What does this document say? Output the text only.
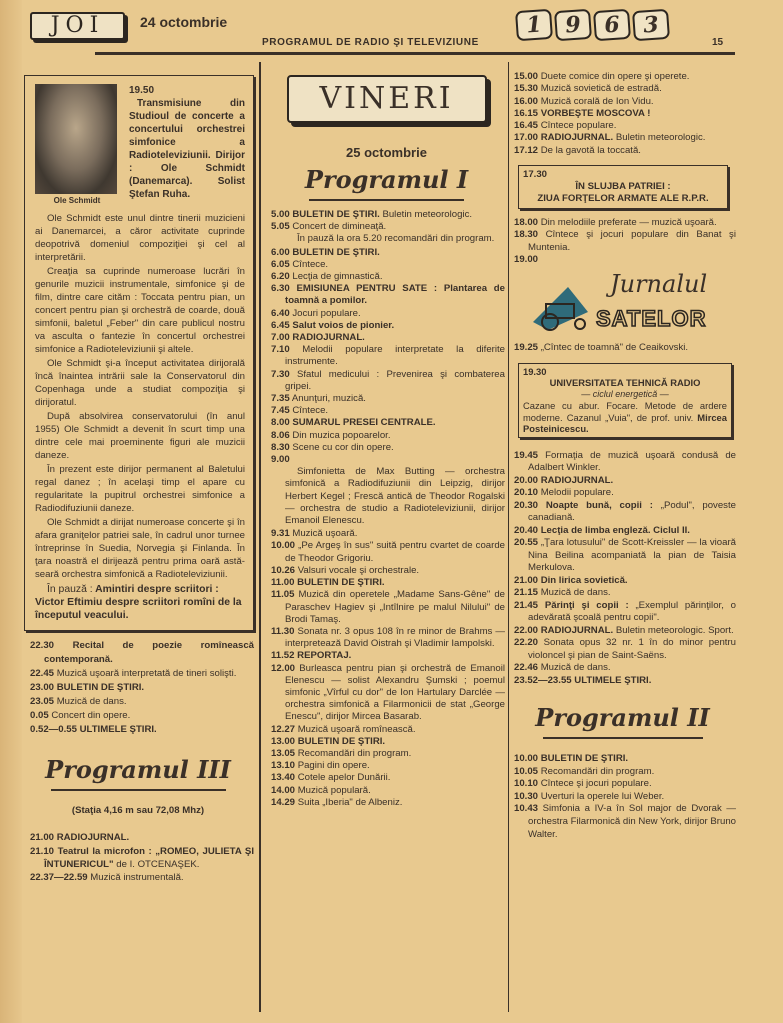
JOI	24 octombrie
PROGRAMUL DE RADIO ŞI TELEVIZIUNE
1 9 6 3
15
Ole Schmidt
19.50
Transmisiune din Studioul de concerte a concertului orchestrei simfonice a Radioteleviziunii. Dirijor : Ole Schmidt (Danemarca). Solist Ştefan Ruha.
Ole Schmidt este unul dintre tinerii muzicieni ai Danemarcei, a căror activitate cuprinde deopotrivă domeniul compoziţiei şi cel al interpretării.
Creaţia sa cuprinde numeroase lucrări în genurile muzicii instrumentale, simfonice şi de film, dintre care cităm : Toccata pentru pian, un concert pentru pian şi orchestră de coarde, două simfonii, baletul „Feber" din care publicul nostru va asculta o fantezie în concertul orchestrei simfonice a Radioteleviziunii şi altele.
Ole Schmidt şi-a început activitatea dirijorală încă înaintea intrării sale la Conservatorul din Copenhaga unde a studiat compoziţia şi dirijoratul.
După absolvirea conservatorului (în anul 1955) Ole Schmidt a devenit în scurt timp una dintre cele mai proeminente figuri ale muzicii daneze.
În prezent este dirijor permanent al Baletului regal danez ; în acelaşi timp el apare cu regularitate la pupitrul orchestrei simfonice a Radiodifuziunii daneze.
Ole Schmidt a dirijat numeroase concerte şi în afara graniţelor patriei sale, în cadrul unor turnee întreprinse în Suedia, Norvegia şi Finlanda. În ţara noastră el dirijează pentru prima oară astă-seară orchestra simfonică a Radioteleviziunii.
În pauză : Amintiri despre scriitori : Victor Eftimiu despre scriitori romîni de la începutul veacului.
22.30 Recital de poezie romînească contemporană.
22.45 Muzică uşoară interpretată de tineri solişti.
23.00 BULETIN DE ŞTIRI.
23.05 Muzică de dans.
0.05 Concert din opere.
0.52—0.55 ULTIMELE ŞTIRI.
Programul III
(Staţia 4,16 m sau 72,08 Mhz)
21.00 RADIOJURNAL.
21.10 Teatrul la microfon : „ROMEO, JULIETA ŞI ÎNTUNERICUL" de I. OTCENAŞEK.
22.37—22.59 Muzică instrumentală.
VINERI
25 octombrie
Programul I
5.00 BULETIN DE ŞTIRI. Buletin meteorologic.
5.05 Concert de dimineaţă.
În pauză la ora 5.20 recomandări din program.
6.00 BULETIN DE ŞTIRI.
6.05 Cîntece.
6.20 Lecţia de gimnastică.
6.30 EMISIUNEA PENTRU SATE : Plantarea de toamnă a pomilor.
6.40 Jocuri populare.
6.45 Salut voios de pionier.
7.00 RADIOJURNAL.
7.10 Melodii populare interpretate la diferite instrumente.
7.30 Sfatul medicului : Prevenirea şi combaterea gripei.
7.35 Anunţuri, muzică.
7.45 Cîntece.
8.00 SUMARUL PRESEI CENTRALE.
8.06 Din muzica popoarelor.
8.30 Scene cu cor din opere.
9.00
Simfonietta de Max Butting — orchestra simfonică a Radiodifuziunii din Leipzig, dirijor Herbert Kegel ; Frescă antică de Theodor Rogalski — orchestra de studio a Radioteleviziunii, dirijor Emanoil Elenescu.
9.31 Muzică uşoară.
10.00 „Pe Argeş în sus" suită pentru cvartet de coarde de Theodor Grigoriu.
10.26 Valsuri vocale şi orchestrale.
11.00 BULETIN DE ŞTIRI.
11.05 Muzică din operetele „Madame Sans-Gêne" de Paraschev Hagiev şi „Intîlnire pe malul Nilului" de Brodi Tamaş.
11.30 Sonata nr. 3 opus 108 în re minor de Brahms — interpretează David Oistrah şi Vladimir Iampolski.
11.52 REPORTAJ.
12.00 Burleasca pentru pian şi orchestră de Emanoil Elenescu — solist Alexandru Şumski ; poemul simfonic „Vîrful cu dor" de Ion Hartulary Darclée — orchestra simfonică a Filarmonicii de stat „George Enescu", dirijor Mircea Basarab.
12.27 Muzică uşoară romînească.
13.00 BULETIN DE ŞTIRI.
13.05 Recomandări din program.
13.10 Pagini din opere.
13.40 Cotele apelor Dunării.
14.00 Muzică populară.
14.29 Suita „Iberia" de Albeniz.
15.00 Duete comice din opere şi operete.
15.30 Muzică sovietică de estradă.
16.00 Muzică corală de Ion Vidu.
16.15 VORBEŞTE MOSCOVA !
16.45 Cîntece populare.
17.00 RADIOJURNAL. Buletin meteorologic.
17.12 De la gavotă la toccată.
17.30
ÎN SLUJBA PATRIEI :
ZIUA FORŢELOR ARMATE ALE R.P.R.
18.00 Din melodiile preferate — muzică uşoară.
18.30 Cîntece şi jocuri populare din Banat şi Muntenia.
19.00
Jurnalul
SATELOR
19.25 „Cîntec de toamnă" de Ceaikovski.
19.30
UNIVERSITATEA TEHNICĂ RADIO
— ciclul energetică —
Cazane cu abur. Focare. Metode de ardere moderne. Cazanul „Vuia", de prof. univ. Mircea Posteinicescu.
19.45 Formaţia de muzică uşoară condusă de Adalbert Winkler.
20.00 RADIOJURNAL.
20.10 Melodii populare.
20.30 Noapte bună, copii : „Podul", poveste canadiană.
20.40 Lecţia de limba engleză. Ciclul II.
20.55 „Ţara lotusului" de Scott-Kreissler — la vioară Nina Beilina acompaniată la pian de Taisia Merkulova.
21.00 Din lirica sovietică.
21.15 Muzică de dans.
21.45 Părinţi şi copii : „Exemplul părinţilor, o adevărată şcoală pentru copii".
22.00 RADIOJURNAL. Buletin meteorologic. Sport.
22.20 Sonata opus 32 nr. 1 în do minor pentru violoncel şi pian de Saint-Saëns.
22.46 Muzică de dans.
23.52—23.55 ULTIMELE ŞTIRI.
Programul II
10.00 BULETIN DE ŞTIRI.
10.05 Recomandări din program.
10.10 Cîntece şi jocuri populare.
10.30 Uverturi la operele lui Weber.
10.43 Simfonia a IV-a în Sol major de Dvorak — orchestra Filarmonică din New York, dirijor Bruno Walter.
